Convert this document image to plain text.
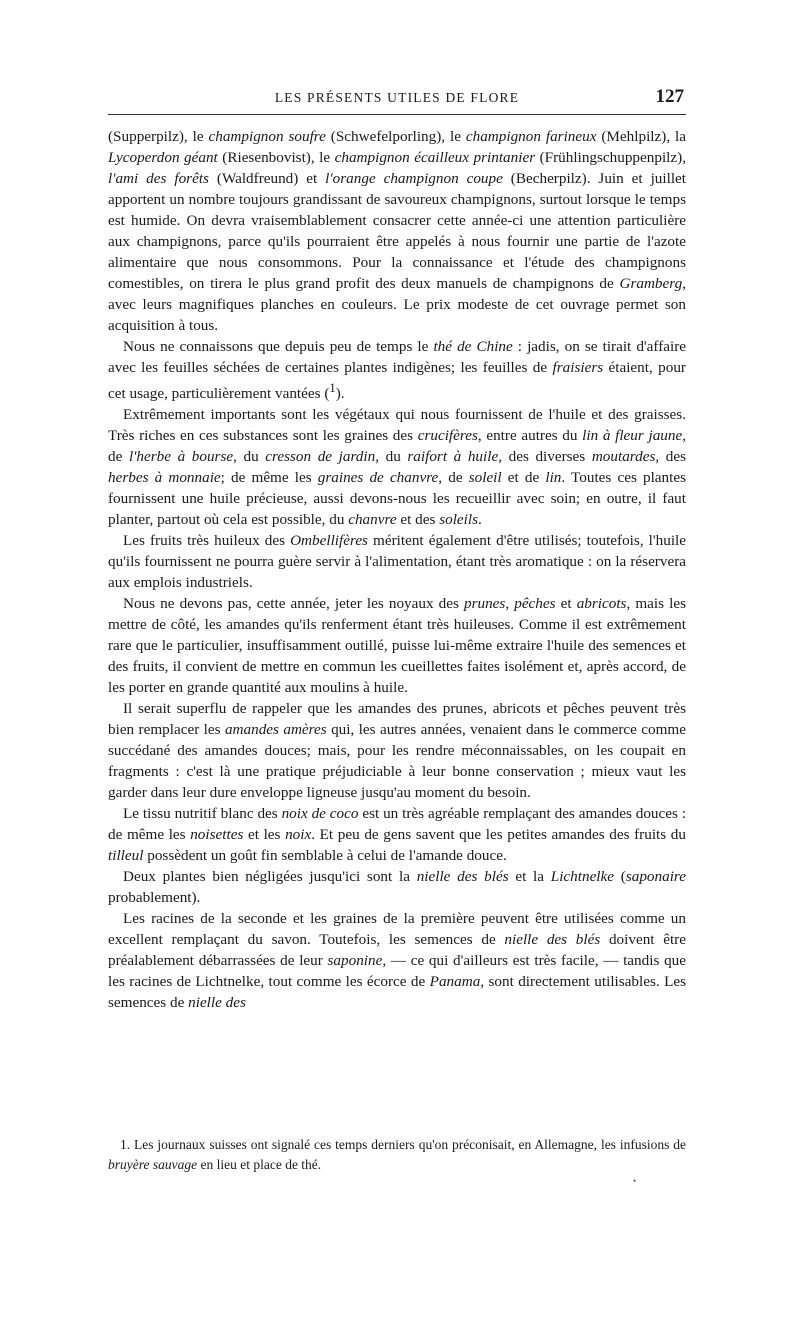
LES PRÉSENTS UTILES DE FLORE	127

(Supperpilz), le champignon soufre (Schwefelporling), le champignon farineux (Mehlpilz), la Lycoperdon géant (Riesenbovist), le champignon écailleux printanier (Frühlingschuppenpilz), l'ami des forêts (Waldfreund) et l'orange champignon coupe (Becherpilz). Juin et juillet apportent un nombre toujours grandissant de savoureux champignons, surtout lorsque le temps est humide. On devra vraisemblablement consacrer cette année-ci une attention particulière aux champignons, parce qu'ils pourraient être appelés à nous fournir une partie de l'azote alimentaire que nous consommons. Pour la connaissance et l'étude des champignons comestibles, on tirera le plus grand profit des deux manuels de champignons de Gramberg, avec leurs magnifiques planches en couleurs. Le prix modeste de cet ouvrage permet son acquisition à tous.

Nous ne connaissons que depuis peu de temps le thé de Chine : jadis, on se tirait d'affaire avec les feuilles séchées de certaines plantes indigènes; les feuilles de fraisiers étaient, pour cet usage, particulièrement vantées ($^1$).

Extrêmement importants sont les végétaux qui nous fournissent de l'huile et des graisses. Très riches en ces substances sont les graines des crucifères, entre autres du lin à fleur jaune, de l'herbe à bourse, du cresson de jardin, du raifort à huile, des diverses moutardes, des herbes à monnaie; de même les graines de chanvre, de soleil et de lin. Toutes ces plantes fournissent une huile précieuse, aussi devons-nous les recueillir avec soin; en outre, il faut planter, partout où cela est possible, du chanvre et des soleils.

Les fruits très huileux des Ombellifères méritent également d'être utilisés; toutefois, l'huile qu'ils fournissent ne pourra guère servir à l'alimentation, étant très aromatique : on la réservera aux emplois industriels.

Nous ne devons pas, cette année, jeter les noyaux des prunes, pêches et abricots, mais les mettre de côté, les amandes qu'ils renferment étant très huileuses. Comme il est extrêmement rare que le particulier, insuffisamment outillé, puisse lui-même extraire l'huile des semences et des fruits, il convient de mettre en commun les cueillettes faites isolément et, après accord, de les porter en grande quantité aux moulins à huile.

Il serait superflu de rappeler que les amandes des prunes, abricots et pêches peuvent très bien remplacer les amandes amères qui, les autres années, venaient dans le commerce comme succédané des amandes douces; mais, pour les rendre méconnaissables, on les coupait en fragments : c'est là une pratique préjudiciable à leur bonne conservation ; mieux vaut les garder dans leur dure enveloppe ligneuse jusqu'au moment du besoin.

Le tissu nutritif blanc des noix de coco est un très agréable remplaçant des amandes douces : de même les noisettes et les noix. Et peu de gens savent que les petites amandes des fruits du tilleul possèdent un goût fin semblable à celui de l'amande douce.

Deux plantes bien négligées jusqu'ici sont la nielle des blés et la Lichtnelke (saponaire probablement).

Les racines de la seconde et les graines de la première peuvent être utilisées comme un excellent remplaçant du savon. Toutefois, les semences de nielle des blés doivent être préalablement débarrassées de leur saponine, — ce qui d'ailleurs est très facile, — tandis que les racines de Lichtnelke, tout comme les écorce de Panama, sont directement utilisables. Les semences de nielle des

1. Les journaux suisses ont signalé ces temps derniers qu'on préconisait, en Allemagne, les infusions de bruyère sauvage en lieu et place de thé.
•
